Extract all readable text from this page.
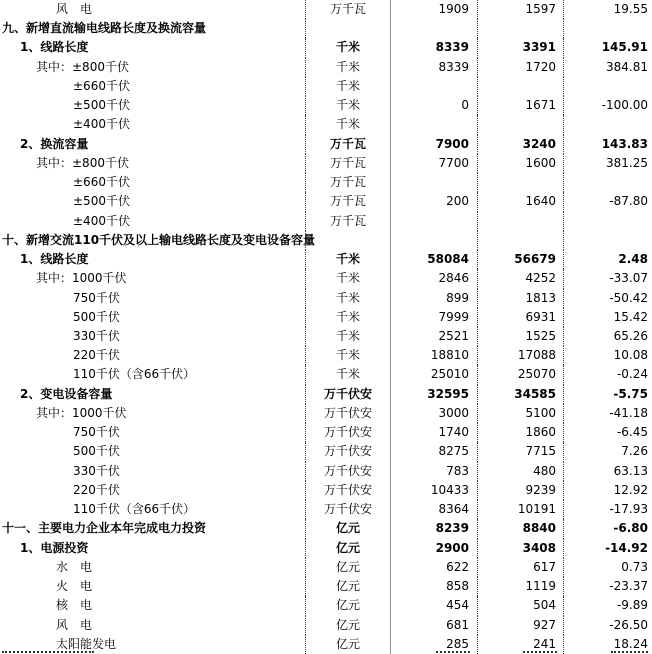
风　电	万千瓦	1909	1597	19.55
九、新增直流输电线路长度及换流容量
1、线路长度	千米	8339	3391	145.91
其中：±800千伏	千米	8339	1720	384.81
±660千伏	千米
±500千伏	千米	0	1671	-100.00
±400千伏	千米
2、换流容量	万千瓦	7900	3240	143.83
其中：±800千伏	万千瓦	7700	1600	381.25
±660千伏	万千瓦
±500千伏	万千瓦	200	1640	-87.80
±400千伏	万千瓦
十、新增交流110千伏及以上输电线路长度及变电设备容量
1、线路长度	千米	58084	56679	2.48
其中：1000千伏	千米	2846	4252	-33.07
750千伏	千米	899	1813	-50.42
500千伏	千米	7999	6931	15.42
330千伏	千米	2521	1525	65.26
220千伏	千米	18810	17088	10.08
110千伏（含66千伏）	千米	25010	25070	-0.24
2、变电设备容量	万千伏安	32595	34585	-5.75
其中：1000千伏	万千伏安	3000	5100	-41.18
750千伏	万千伏安	1740	1860	-6.45
500千伏	万千伏安	8275	7715	7.26
330千伏	万千伏安	783	480	63.13
220千伏	万千伏安	10433	9239	12.92
110千伏（含66千伏）	万千伏安	8364	10191	-17.93
十一、主要电力企业本年完成电力投资	亿元	8239	8840	-6.80
1、电源投资	亿元	2900	3408	-14.92
水　电	亿元	622	617	0.73
火　电	亿元	858	1119	-23.37
核　电	亿元	454	504	-9.89
风　电	亿元	681	927	-26.50
太阳能发电	亿元	285	241	18.24
